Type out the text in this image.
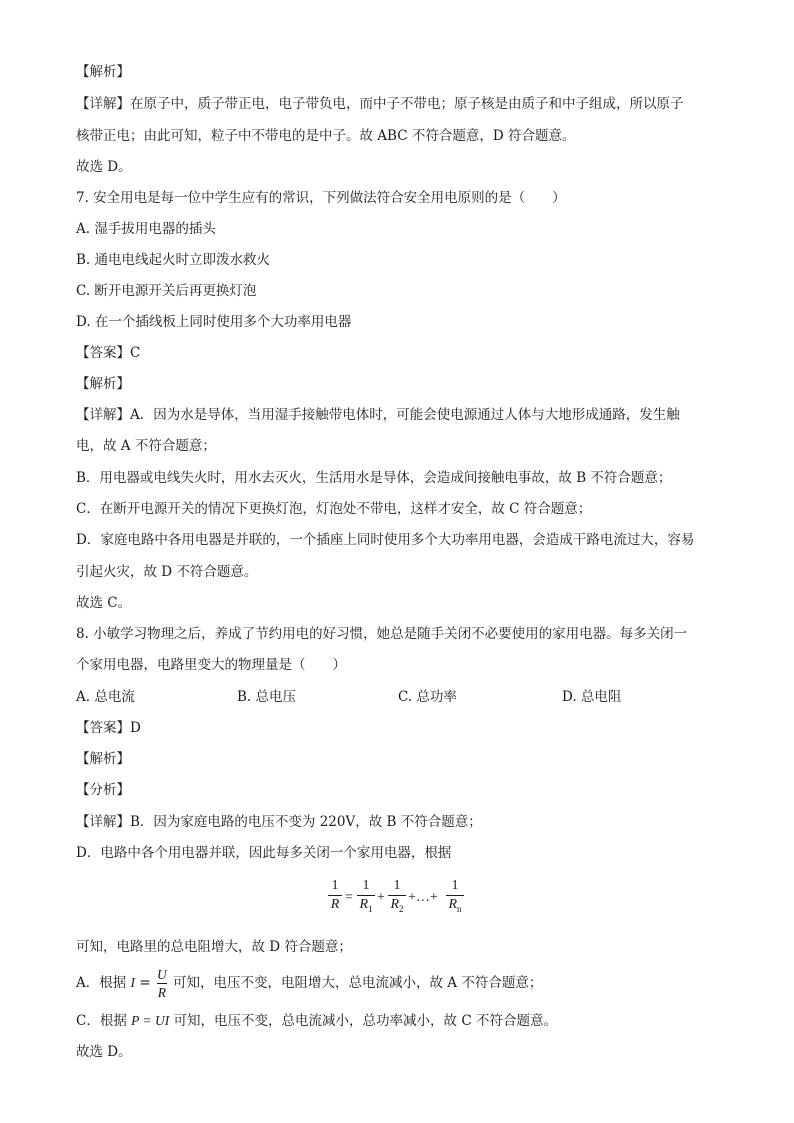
【解析】
【详解】在原子中，质子带正电，电子带负电，而中子不带电；原子核是由质子和中子组成，所以原子
核带正电；由此可知，粒子中不带电的是中子。故 ABC 不符合题意，D 符合题意。
故选 D。
7. 安全用电是每一位中学生应有的常识，下列做法符合安全用电原则的是（　　）
A. 湿手拔用电器的插头
B. 通电电线起火时立即泼水救火
C. 断开电源开关后再更换灯泡
D. 在一个插线板上同时使用多个大功率用电器
【答案】C
【解析】
【详解】A．因为水是导体，当用湿手接触带电体时，可能会使电源通过人体与大地形成通路，发生触
电，故 A 不符合题意；
B．用电器或电线失火时，用水去灭火，生活用水是导体，会造成间接触电事故，故 B 不符合题意；
C．在断开电源开关的情况下更换灯泡，灯泡处不带电，这样才安全，故 C 符合题意；
D．家庭电路中各用电器是并联的，一个插座上同时使用多个大功率用电器，会造成干路电流过大，容易
引起火灾，故 D 不符合题意。
故选 C。
8. 小敏学习物理之后，养成了节约用电的好习惯，她总是随手关闭不必要使用的家用电器。每多关闭一
个家用电器，电路里变大的物理量是（　　）
A. 总电流	B. 总电压	C. 总功率	D. 总电阻
【答案】D
【解析】
【分析】
【详解】B．因为家庭电路的电压不变为 220V，故 B 不符合题意；
D．电路中各个用电器并联，因此每多关闭一个家用电器，根据
1
R =
1
$R_1$
+
1
$R_2$
+…+
1
$R_n$
可知，电路里的总电阻增大，故 D 符合题意；
A．根据 $I = \frac{U}{R}$ 可知，电压不变，电阻增大，总电流减小，故 A 不符合题意；
C．根据 P = UI 可知，电压不变，总电流减小，总功率减小，故 C 不符合题意。
故选 D。
